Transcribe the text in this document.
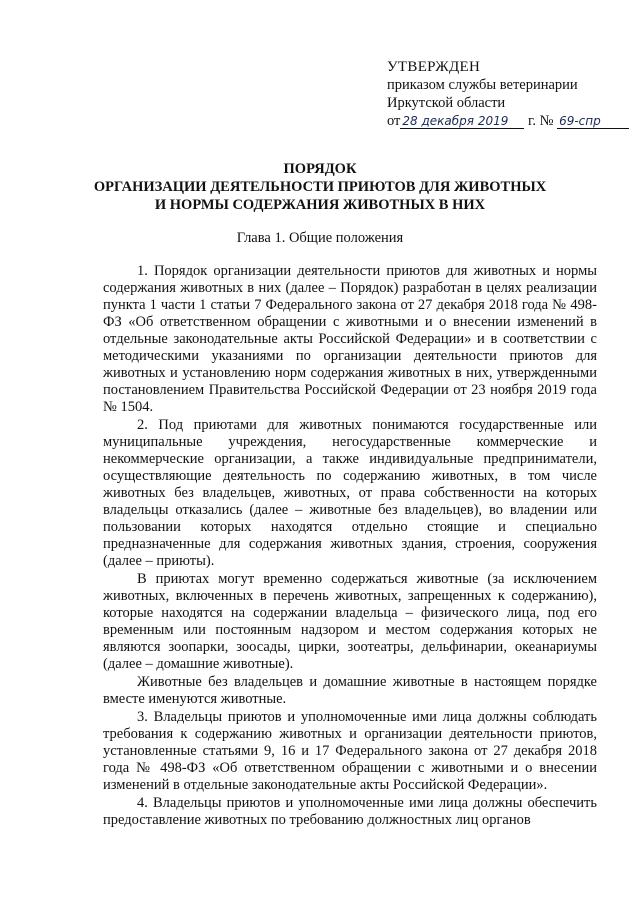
УТВЕРЖДЕН
приказом службы ветеринарии
Иркутской области
от 28 декабря 2019 г. № 69-спр
ПОРЯДОК
ОРГАНИЗАЦИИ ДЕЯТЕЛЬНОСТИ ПРИЮТОВ ДЛЯ ЖИВОТНЫХ
И НОРМЫ СОДЕРЖАНИЯ ЖИВОТНЫХ В НИХ
Глава 1. Общие положения

1. Порядок организации деятельности приютов для животных и нормы содержания животных в них (далее – Порядок) разработан в целях реализации пункта 1 части 1 статьи 7 Федерального закона от 27 декабря 2018 года № 498-ФЗ «Об ответственном обращении с животными и о внесении изменений в отдельные законодательные акты Российской Федерации» и в соответствии с методическими указаниями по организации деятельности приютов для животных и установлению норм содержания животных в них, утвержденными постановлением Правительства Российской Федерации от 23 ноября 2019 года № 1504.

2. Под приютами для животных понимаются государственные или муниципальные учреждения, негосударственные коммерческие и некоммерческие организации, а также индивидуальные предприниматели, осуществляющие деятельность по содержанию животных, в том числе животных без владельцев, животных, от права собственности на которых владельцы отказались (далее – животные без владельцев), во владении или пользовании которых находятся отдельно стоящие и специально предназначенные для содержания животных здания, строения, сооружения (далее – приюты).

В приютах могут временно содержаться животные (за исключением животных, включенных в перечень животных, запрещенных к содержанию), которые находятся на содержании владельца – физического лица, под его временным или постоянным надзором и местом содержания которых не являются зоопарки, зоосады, цирки, зоотеатры, дельфинарии, океанариумы (далее – домашние животные).

Животные без владельцев и домашние животные в настоящем порядке вместе именуются животные.

3. Владельцы приютов и уполномоченные ими лица должны соблюдать требования к содержанию животных и организации деятельности приютов, установленные статьями 9, 16 и 17 Федерального закона от 27 декабря 2018 года № 498-ФЗ «Об ответственном обращении с животными и о внесении изменений в отдельные законодательные акты Российской Федерации».

4. Владельцы приютов и уполномоченные ими лица должны обеспечить предоставление животных по требованию должностных лиц органов
